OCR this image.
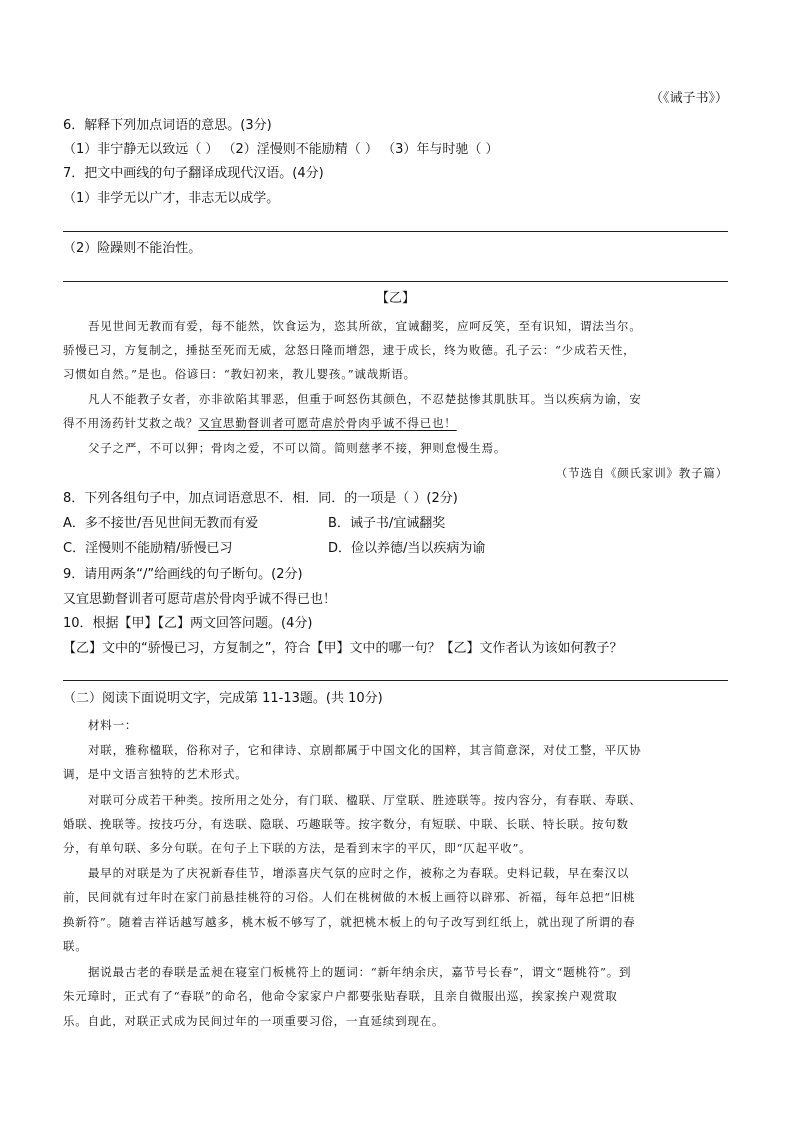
（《诫子书》）
6．解释下列加点词语的意思。(3分)
（1）非宁静无以致远（ ） （2）淫慢则不能励精（ ） （3）年与时驰（ ）
7．把文中画线的句子翻译成现代汉语。(4分)
（1）非学无以广才，非志无以成学。
（2）险躁则不能治性。
【乙】
吾见世间无教而有爱，每不能然，饮食运为，恣其所欲，宜诫翻奖，应呵反笑，至有识知，谓法当尔。
骄慢已习，方复制之，捶挞至死而无威，忿怒日隆而增怨，逮于成长，终为败德。孔子云：“少成若天性，
习惯如自然。”是也。俗谚曰：“教妇初来，教儿婴孩。”诚哉斯语。
凡人不能教子女者，亦非欲陷其罪恶，但重于呵怒伤其颜色，不忍楚挞惨其肌肤耳。当以疾病为谕，安
得不用汤药针艾救之哉？又宜思勤督训者可愿苛虐於骨肉乎诚不得已也！
父子之严，不可以狎；骨肉之爱，不可以简。简则慈孝不接，狎则怠慢生焉。
（节选自《颜氏家训》教子篇）
8．下列各组句子中，加点词语意思不．相．同．的一项是（ ）(2分)
A．多不接世/吾见世间无教而有爱	B．诫子书/宜诫翻奖
C．淫慢则不能励精/骄慢已习	D．俭以养德/当以疾病为谕
9．请用两条“/”给画线的句子断句。(2分)
又宜思勤督训者可愿苛虐於骨肉乎诚不得已也！
10．根据【甲】【乙】两文回答问题。(4分)
【乙】文中的“骄慢已习，方复制之”，符合【甲】文中的哪一句？【乙】文作者认为该如何教子？
（二）阅读下面说明文字，完成第 11-13题。(共 10分)
材料一：
对联，雅称楹联，俗称对子，它和律诗、京剧都属于中国文化的国粹，其言简意深，对仗工整，平仄协
调，是中文语言独特的艺术形式。
对联可分成若干种类。按所用之处分，有门联、楹联、厅堂联、胜迹联等。按内容分，有春联、寿联、
婚联、挽联等。按技巧分，有迭联、隐联、巧趣联等。按字数分，有短联、中联、长联、特长联。按句数
分，有单句联、多分句联。在句子上下联的方法，是看到末字的平仄，即“仄起平收”。
最早的对联是为了庆祝新春佳节，增添喜庆气氛的应时之作，被称之为春联。史料记载，早在秦汉以
前，民间就有过年时在家门前悬挂桃符的习俗。人们在桃树做的木板上画符以辟邪、祈福，每年总把“旧桃
换新符”。随着吉祥话越写越多，桃木板不够写了，就把桃木板上的句子改写到红纸上，就出现了所谓的春
联。
据说最古老的春联是孟昶在寝室门板桃符上的题词：“新年纳余庆，嘉节号长春”，谓文“题桃符”。到
朱元璋时，正式有了“春联”的命名，他命令家家户户都要张贴春联，且亲自微服出巡，挨家挨户观赏取
乐。自此，对联正式成为民间过年的一项重要习俗，一直延续到现在。
